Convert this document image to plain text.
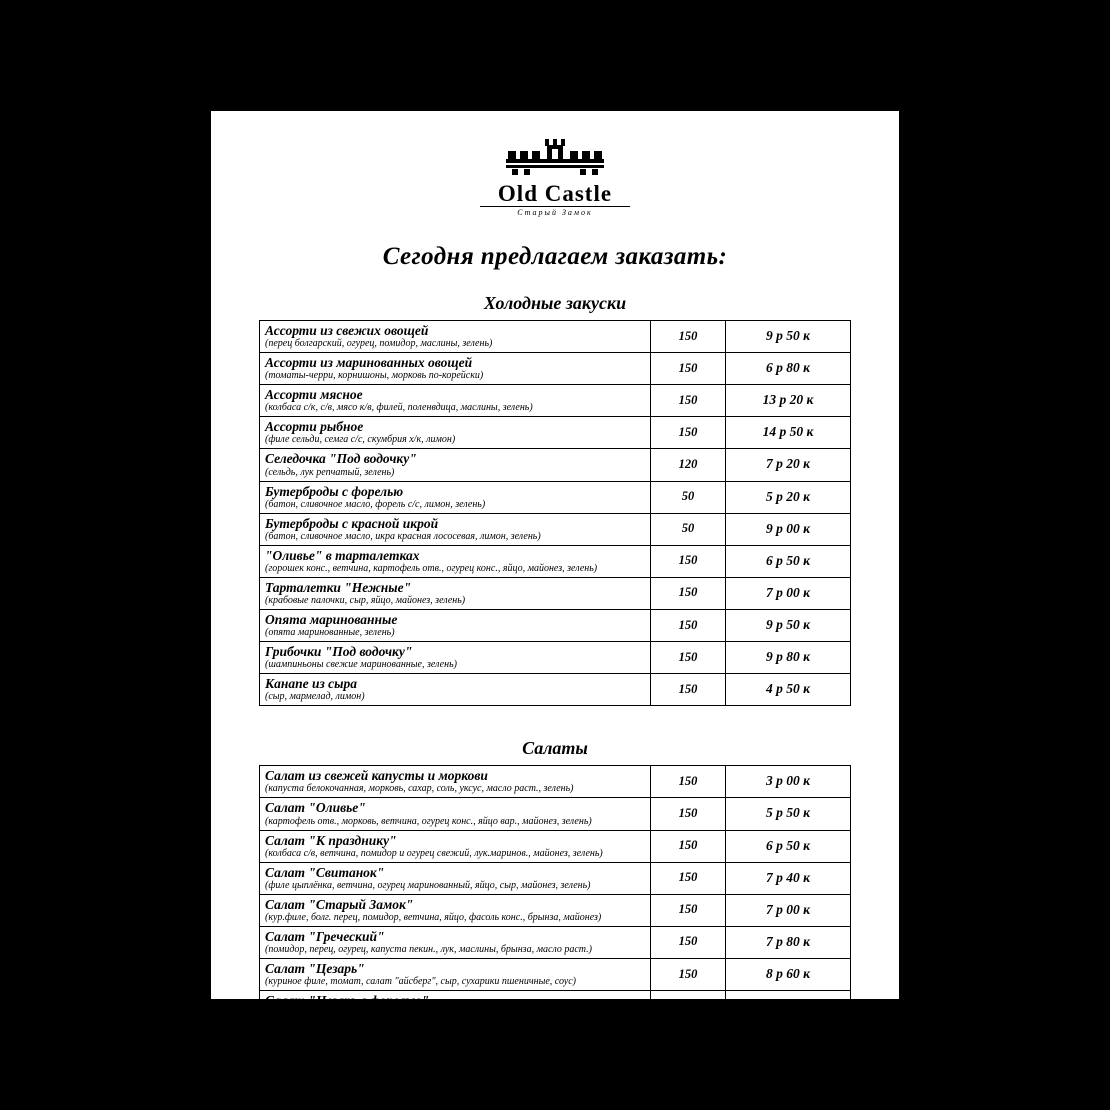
Old Castle
Старый Замок
Сегодня предлагаем заказать:
Холодные закуски
Ассорти из свежих овощей
(перец болгарский, огурец, помидор, маслины, зелень)	150	9 р 50 к

Ассорти из маринованных овощей
(томаты-черри, корнишоны, морковь по-корейски)	150	6 р 80 к

Ассорти мясное
(колбаса с/к, с/в, мясо к/в, филей, поленвдица, маслины, зелень)	150	13 р 20 к

Ассорти рыбное
(филе сельди, семга с/с, скумбрия х/к, лимон)	150	14 р 50 к

Селедочка "Под водочку"
(сельдь, лук репчатый, зелень)	120	7 р 20 к

Бутерброды с форелью
(батон, сливочное масло, форель с/с, лимон, зелень)	50	5 р 20 к

Бутерброды с красной икрой
(батон, сливочное масло, икра красная лососевая, лимон, зелень)	50	9 р 00 к

"Оливье" в тарталетках
(горошек конс., ветчина, картофель отв., огурец конс., яйцо, майонез, зелень)	150	6 р 50 к

Тарталетки "Нежные"
(крабовые палочки, сыр, яйцо, майонез, зелень)	150	7 р 00 к

Опята маринованные
(опята маринованные, зелень)	150	9 р 50 к

Грибочки "Под водочку"
(шампиньоны свежие маринованные, зелень)	150	9 р 80 к

Канапе из сыра
(сыр, мармелад, лимон)	150	4 р 50 к
Салаты
Салат из свежей капусты и моркови
(капуста белокочанная, морковь, сахар, соль, уксус, масло раст., зелень)	150	3 р 00 к

Салат "Оливье"
(картофель отв., морковь, ветчина, огурец конс., яйцо вар., майонез, зелень)	150	5 р 50 к

Салат "К празднику"
(колбаса с/в, ветчина, помидор и огурец свежий, лук.маринов., майонез, зелень)	150	6 р 50 к

Салат "Свитанок"
(филе цыплёнка, ветчина, огурец маринованный, яйцо, сыр, майонез, зелень)	150	7 р 40 к

Салат "Старый Замок"
(кур.филе, болг. перец, помидор, ветчина, яйцо, фасоль конс., брынза, майонез)	150	7 р 00 к

Салат "Греческий"
(помидор, перец, огурец, капуста пекин., лук, маслины, брынза, масло раст.)	150	7 р 80 к

Салат "Цезарь"
(куриное филе, томат, салат "айсберг", сыр, сухарики пшеничные, соус)	150	8 р 60 к

Салат "Цезарь с форелью"
(филе форели с/с, помидоры, пекин.капуста, сыр, сухарики пшен., соус)	150	13 р 20 к

Салат "Дары моря"
(кальмары, креветки, краб.палочки, помидоры, лимон, заправка)	150	14 р 80 к
